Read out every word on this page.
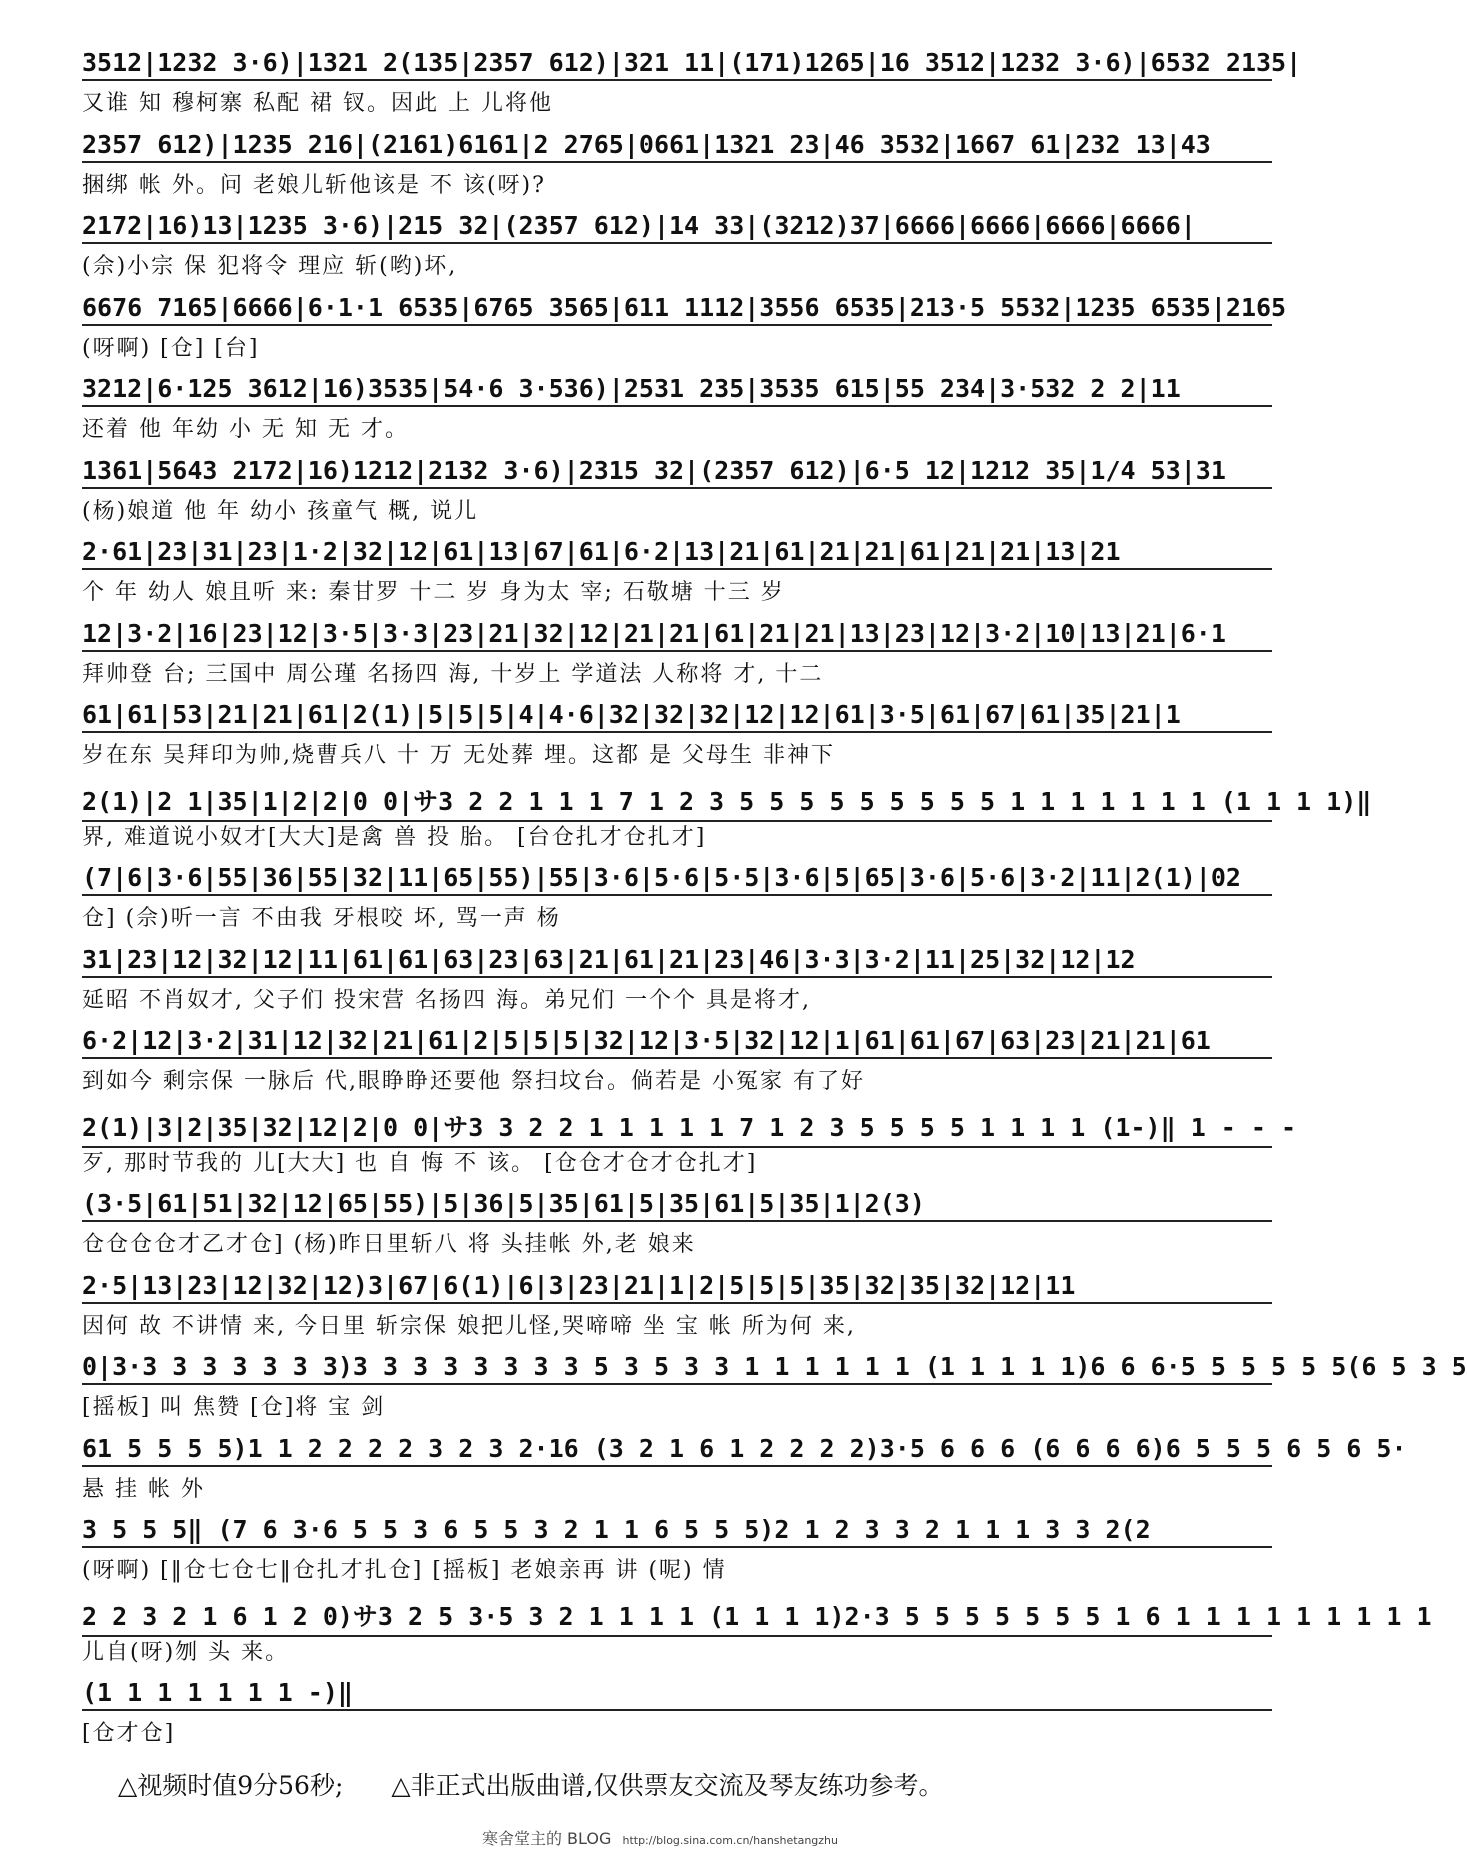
3512|1232 3·6)|1321 2(135|2357 612)|321 11|(171)1265|16 3512|1232 3·6)|6532 2135|
又谁 知 穆柯寨 私配 裙 钗。因此 上 儿将他
2357 612)|1235 216|(2161)6161|2 2765|0661|1321 23|46 3532|1667 61|232 13|43
捆绑 帐 外。问 老娘儿斩他该是 不 该(呀)?
2172|16)13|1235 3·6)|215 32|(2357 612)|14 33|(3212)37|6666|6666|6666|6666|
(佘)小宗 保 犯将令 理应 斩(哟)坏,
6676 7165|6666|6·1·1 6535|6765 3565|611 1112|3556 6535|213·5 5532|1235 6535|2165
(呀啊) [仓] [台]
3212|6·125 3612|16)3535|54·6 3·536)|2531 235|3535 615|55 234|3·532 2 2|11
还着 他 年幼 小 无 知 无 才。
1361|5643 2172|16)1212|2132 3·6)|2315 32|(2357 612)|6·5 12|1212 35|1/4 53|31
(杨)娘道 他 年 幼小 孩童气 概, 说儿
2·61|23|31|23|1·2|32|12|61|13|67|61|6·2|13|21|61|21|21|61|21|21|13|21
个 年 幼人 娘且听 来: 秦甘罗 十二 岁 身为太 宰; 石敬塘 十三 岁
12|3·2|16|23|12|3·5|3·3|23|21|32|12|21|21|61|21|21|13|23|12|3·2|10|13|21|6·1
拜帅登 台; 三国中 周公瑾 名扬四 海, 十岁上 学道法 人称将 才, 十二
61|61|53|21|21|61|2(1)|5|5|5|4|4·6|32|32|32|12|12|61|3·5|61|67|61|35|21|1
岁在东 吴拜印为帅,烧曹兵八 十 万 无处葬 埋。这都 是 父母生 非神下
2(1)|2 1|35|1|2|2|0 0|サ3 2 2 1 1 1 7 1 2 3 5 5 5 5 5 5 5 5 5 1 1 1 1 1 1 1 (1 1 1 1)‖
界, 难道说小奴才[大大]是禽 兽 投 胎。 [台仓扎才仓扎才]
(7|6|3·6|55|36|55|32|11|65|55)|55|3·6|5·6|5·5|3·6|5|65|3·6|5·6|3·2|11|2(1)|02
仓] (佘)听一言 不由我 牙根咬 坏, 骂一声 杨
31|23|12|32|12|11|61|61|63|23|63|21|61|21|23|46|3·3|3·2|11|25|32|12|12
延昭 不肖奴才, 父子们 投宋营 名扬四 海。弟兄们 一个个 具是将才,
6·2|12|3·2|31|12|32|21|61|2|5|5|5|32|12|3·5|32|12|1|61|61|67|63|23|21|21|61
到如今 剩宗保 一脉后 代,眼睁睁还要他 祭扫坟台。倘若是 小冤家 有了好
2(1)|3|2|35|32|12|2|0 0|サ3 3 2 2 1 1 1 1 1 7 1 2 3 5 5 5 5 1 1 1 1 (1-)‖ 1 - - -
歹, 那时节我的 儿[大大] 也 自 悔 不 该。 [仓仓才仓才仓扎才]
(3·5|61|51|32|12|65|55)|5|36|5|35|61|5|35|61|5|35|1|2(3)
仓仓仓仓才乙才仓] (杨)昨日里斩八 将 头挂帐 外,老 娘来
2·5|13|23|12|32|12)3|67|6(1)|6|3|23|21|1|2|5|5|5|35|32|35|32|12|11
因何 故 不讲情 来, 今日里 斩宗保 娘把儿怪,哭啼啼 坐 宝 帐 所为何 来,
0|3·3 3 3 3 3 3 3)3 3 3 3 3 3 3 3 5 3 5 3 3 1 1 1 1 1 1 (1 1 1 1 1)6 6 6·5 5 5 5 5 5(6 5 3 5
[摇板] 叫 焦赞 [仓]将 宝 剑
61 5 5 5 5)1 1 2 2 2 2 3 2 3 2·16 (3 2 1 6 1 2 2 2 2)3·5 6 6 6 (6 6 6 6)6 5 5 5 6 5 6 5·
悬 挂 帐 外
3 5 5 5‖ (7 6 3·6 5 5 3 6 5 5 3 2 1 1 6 5 5 5)2 1 2 3 3 2 1 1 1 3 3 2(2
(呀啊) [‖仓七仓七‖仓扎才扎仓] [摇板] 老娘亲再 讲 (呢) 情
2 2 3 2 1 6 1 2 0)サ3 2 5 3·5 3 2 1 1 1 1 (1 1 1 1)2·3 5 5 5 5 5 5 5 1 6 1 1 1 1 1 1 1 1 1
儿自(呀)刎 头 来。
(1 1 1 1 1 1 1 -)‖
[仓才仓]
△视频时值9分56秒; △非正式出版曲谱,仅供票友交流及琴友练功参考。
寒舍堂主的 BLOG http://blog.sina.com.cn/hanshetangzhu
